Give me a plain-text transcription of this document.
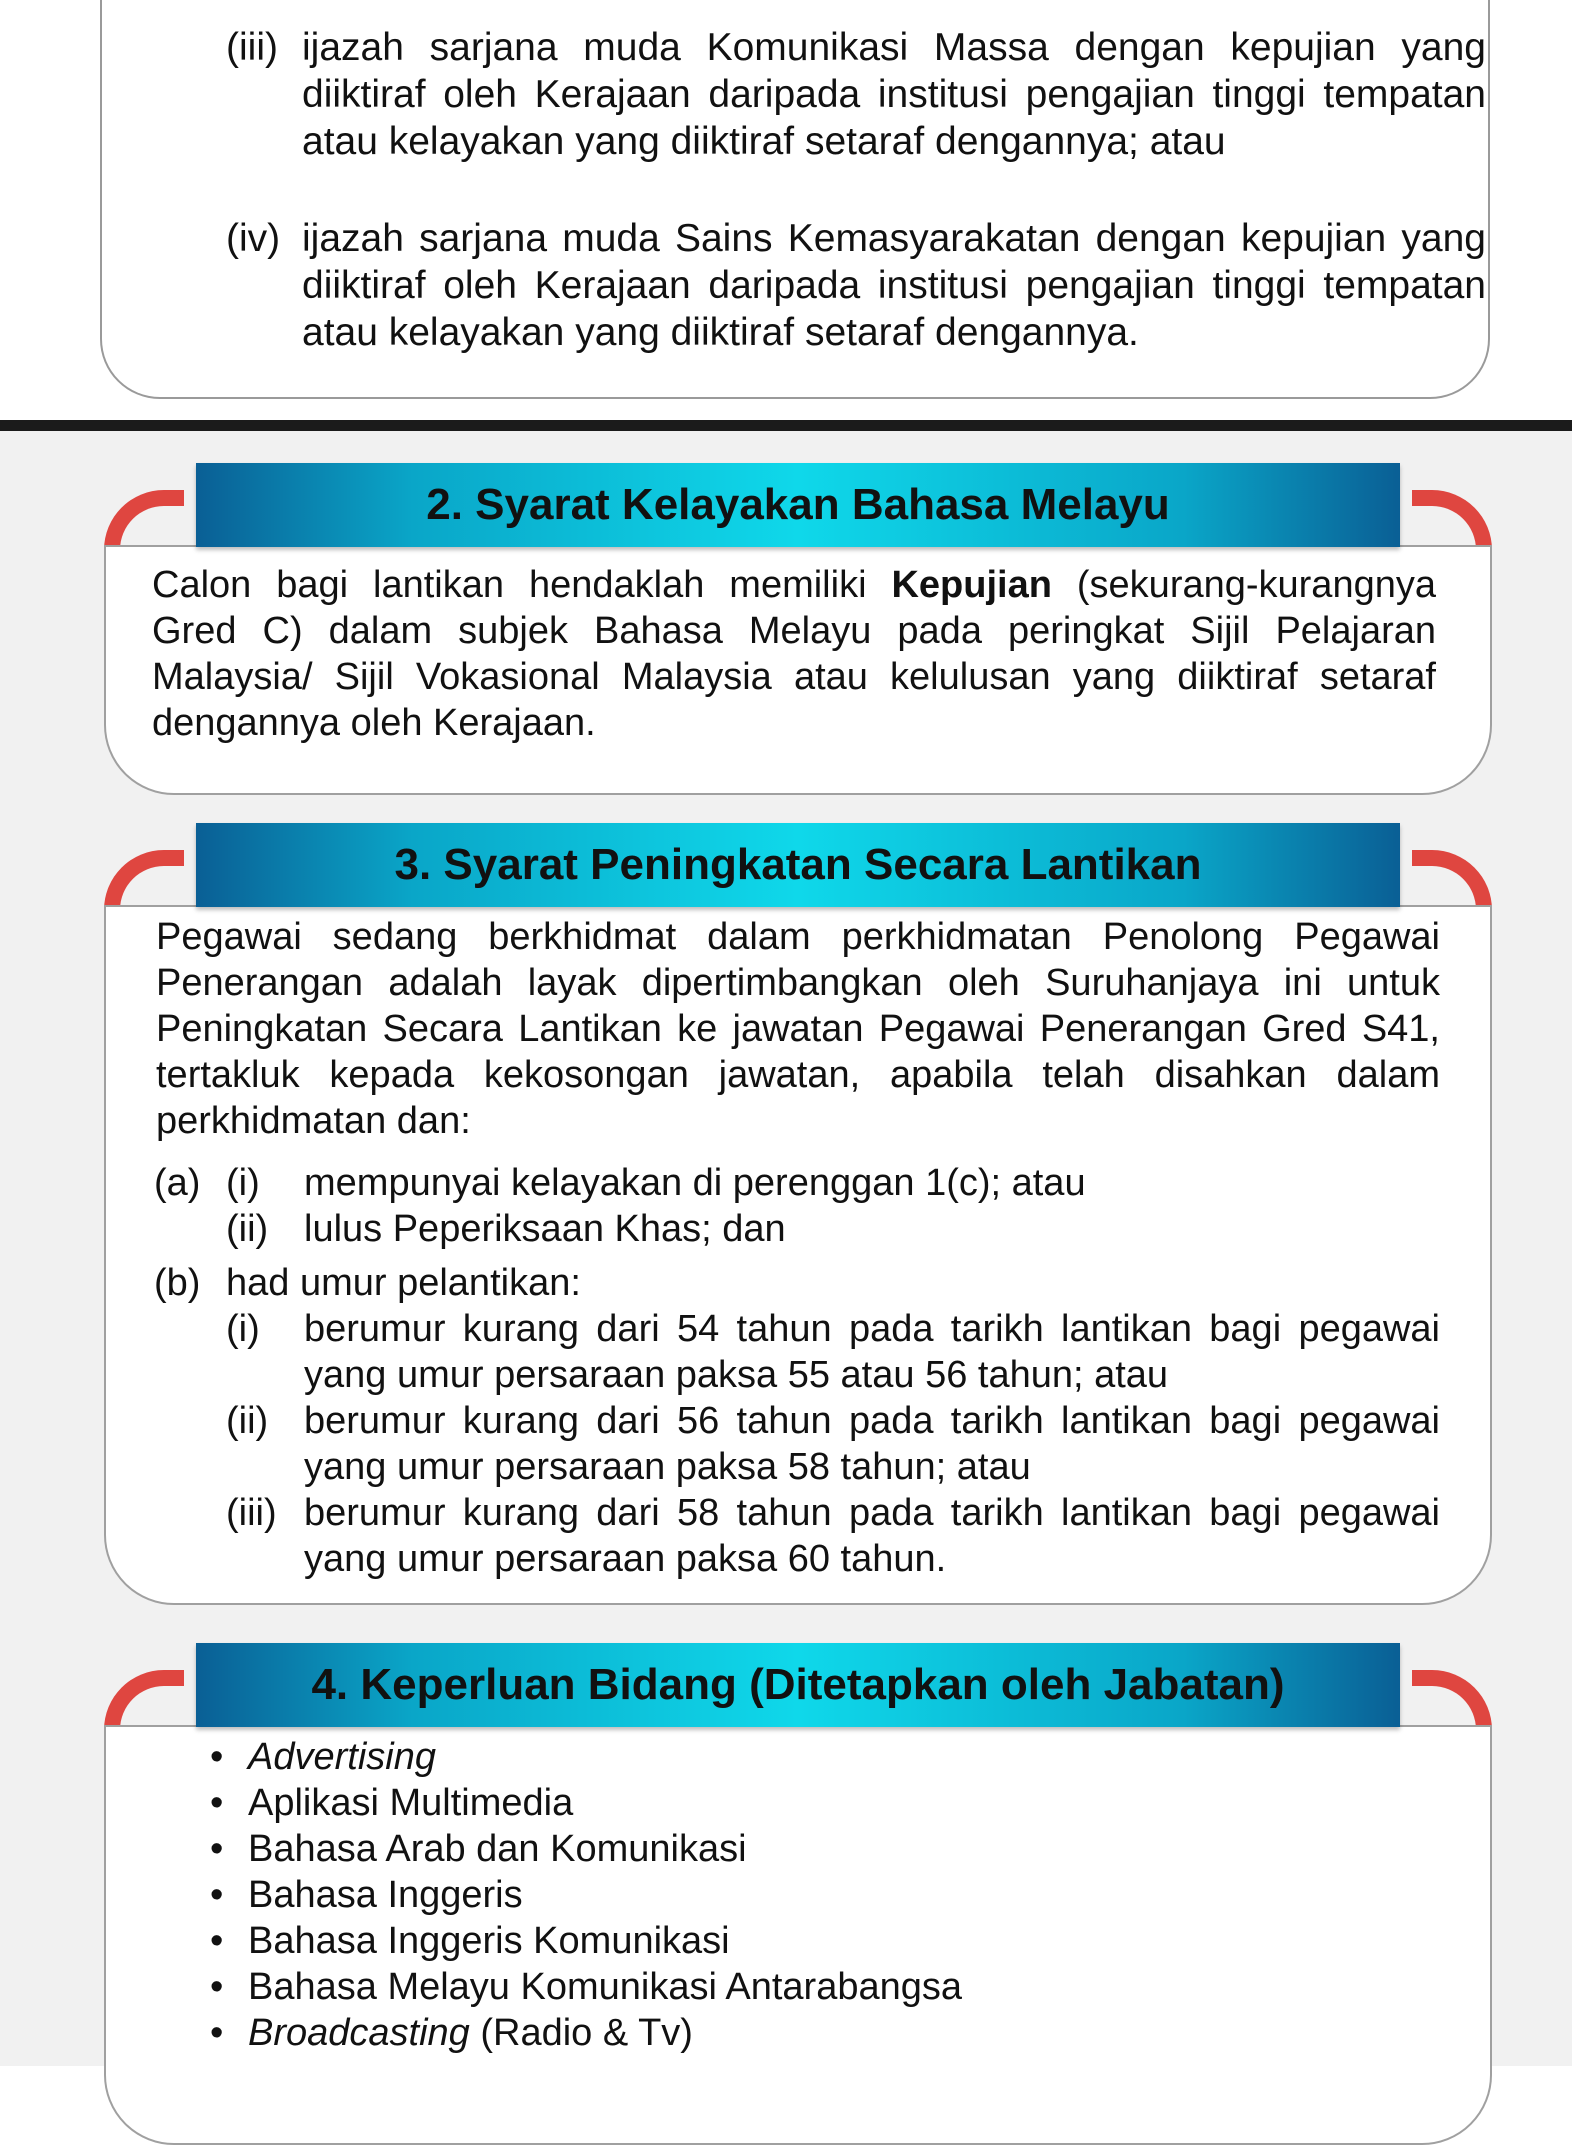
(iii) ijazah sarjana muda Komunikasi Massa dengan kepujian yang diiktiraf oleh Kerajaan daripada institusi pengajian tinggi tempatan atau kelayakan yang diiktiraf setaraf dengannya; atau
(iv) ijazah sarjana muda Sains Kemasyarakatan dengan kepujian yang diiktiraf oleh Kerajaan daripada institusi pengajian tinggi tempatan atau kelayakan yang diiktiraf setaraf dengannya.
2. Syarat Kelayakan Bahasa Melayu
Calon bagi lantikan hendaklah memiliki Kepujian (sekurang-kurangnya Gred C) dalam subjek Bahasa Melayu pada peringkat Sijil Pelajaran Malaysia/ Sijil Vokasional Malaysia atau kelulusan yang diiktiraf setaraf dengannya oleh Kerajaan.
3. Syarat Peningkatan Secara Lantikan
Pegawai sedang berkhidmat dalam perkhidmatan Penolong Pegawai Penerangan adalah layak dipertimbangkan oleh Suruhanjaya ini untuk Peningkatan Secara Lantikan ke jawatan Pegawai Penerangan Gred S41, tertakluk kepada kekosongan jawatan, apabila telah disahkan dalam perkhidmatan dan:
(a) (i)	mempunyai kelayakan di perenggan 1(c); atau
(ii) lulus Peperiksaan Khas; dan
(b) had umur pelantikan:
(i)	berumur kurang dari 54 tahun pada tarikh lantikan bagi pegawai yang umur persaraan paksa 55 atau 56 tahun; atau
(ii) berumur kurang dari 56 tahun pada tarikh lantikan bagi pegawai yang umur persaraan paksa 58 tahun; atau
(iii) berumur kurang dari 58 tahun pada tarikh lantikan bagi pegawai yang umur persaraan paksa 60 tahun.
4. Keperluan Bidang (Ditetapkan oleh Jabatan)
• Advertising
• Aplikasi Multimedia
• Bahasa Arab dan Komunikasi
• Bahasa Inggeris
• Bahasa Inggeris Komunikasi
• Bahasa Melayu Komunikasi Antarabangsa
• Broadcasting (Radio & Tv)
